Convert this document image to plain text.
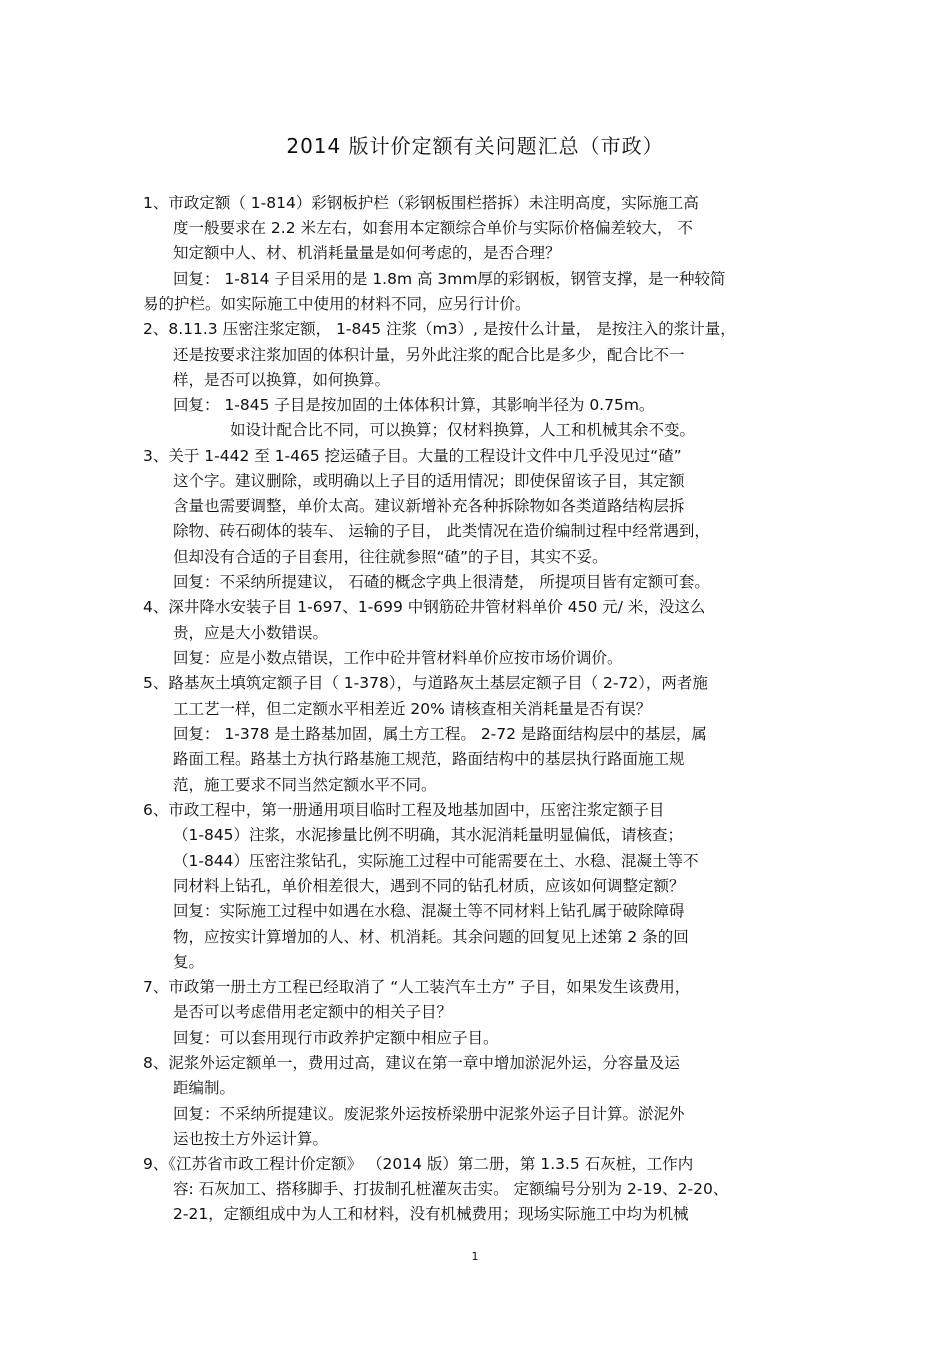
2014 版计价定额有关问题汇总（市政）
1、市政定额（ 1-814）彩钢板护栏（彩钢板围栏搭拆）未注明高度，实际施工高
度一般要求在 2.2 米左右，如套用本定额综合单价与实际价格偏差较大， 不
知定额中人、材、机消耗量量是如何考虑的，是否合理？
回复： 1-814 子目采用的是 1.8m 高 3mm厚的彩钢板，钢管支撑，是一种较简
易的护栏。如实际施工中使用的材料不同，应另行计价。
2、8.11.3 压密注浆定额， 1-845 注浆（m3）, 是按什么计量， 是按注入的浆计量，
还是按要求注浆加固的体积计量，另外此注浆的配合比是多少，配合比不一
样，是否可以换算，如何换算。
回复： 1-845 子目是按加固的土体体积计算，其影响半径为 0.75m。
如设计配合比不同，可以换算；仅材料换算，人工和机械其余不变。
3、关于 1-442 至 1-465 挖运碴子目。大量的工程设计文件中几乎没见过“碴”
这个字。建议删除，或明确以上子目的适用情况；即使保留该子目，其定额
含量也需要调整，单价太高。建议新增补充各种拆除物如各类道路结构层拆
除物、砖石砌体的装车、 运输的子目， 此类情况在造价编制过程中经常遇到，
但却没有合适的子目套用，往往就参照“碴”的子目，其实不妥。
回复：不采纳所提建议， 石碴的概念字典上很清楚， 所提项目皆有定额可套。
4、深井降水安装子目 1-697、1-699 中钢筋砼井管材料单价 450 元/ 米，没这么
贵，应是大小数错误。
回复：应是小数点错误，工作中砼井管材料单价应按市场价调价。
5、路基灰土填筑定额子目（ 1-378），与道路灰土基层定额子目（ 2-72），两者施
工工艺一样，但二定额水平相差近 20% 请核查相关消耗量是否有误？
回复： 1-378 是土路基加固，属土方工程。 2-72 是路面结构层中的基层，属
路面工程。路基土方执行路基施工规范，路面结构中的基层执行路面施工规
范，施工要求不同当然定额水平不同。
6、市政工程中，第一册通用项目临时工程及地基加固中，压密注浆定额子目
（1-845）注浆，水泥掺量比例不明确，其水泥消耗量明显偏低，请核查；
（1-844）压密注浆钻孔，实际施工过程中可能需要在土、水稳、混凝土等不
同材料上钻孔，单价相差很大，遇到不同的钻孔材质，应该如何调整定额？
回复：实际施工过程中如遇在水稳、混凝土等不同材料上钻孔属于破除障碍
物，应按实计算增加的人、材、机消耗。其余问题的回复见上述第 2 条的回
复。
7、市政第一册土方工程已经取消了 “人工装汽车土方” 子目，如果发生该费用，
是否可以考虑借用老定额中的相关子目？
回复：可以套用现行市政养护定额中相应子目。
8、泥浆外运定额单一，费用过高，建议在第一章中增加淤泥外运，分容量及运
距编制。
回复：不采纳所提建议。废泥浆外运按桥梁册中泥浆外运子目计算。淤泥外
运也按土方外运计算。
9、《江苏省市政工程计价定额》 （2014 版）第二册，第 1.3.5 石灰桩，工作内
容: 石灰加工、搭移脚手、打拔制孔桩灌灰击实。 定额编号分别为 2-19、2-20、
2-21，定额组成中为人工和材料，没有机械费用；现场实际施工中均为机械
1
